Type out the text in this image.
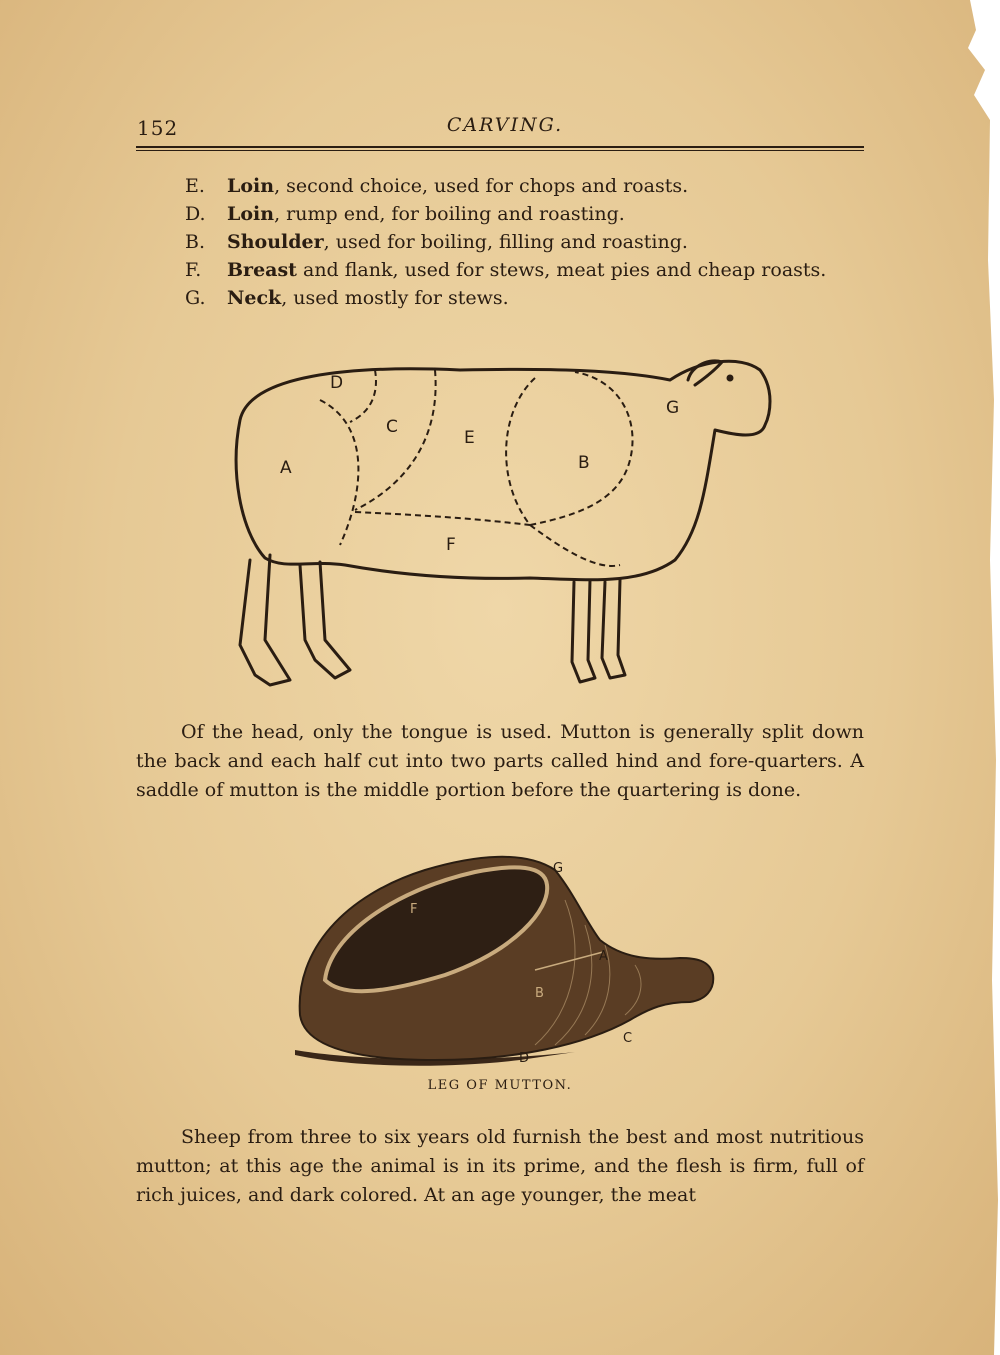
152	CARVING.
E. Loin, second choice, used for chops and roasts.
D. Loin, rump end, for boiling and roasting.
B. Shoulder, used for boiling, filling and roasting.
F. Breast and flank, used for stews, meat pies and cheap roasts.
G. Neck, used mostly for stews.
A
D
C
E
B
G
F

Of the head, only the tongue is used. Mutton is generally split down the back and each half cut into two parts called hind and fore-quarters. A saddle of mutton is the middle portion before the quartering is done.

F
G
A
B
C
D
LEG OF MUTTON.

Sheep from three to six years old furnish the best and most nutritious mutton; at this age the animal is in its prime, and the flesh is firm, full of rich juices, and dark colored. At an age younger, the meat
